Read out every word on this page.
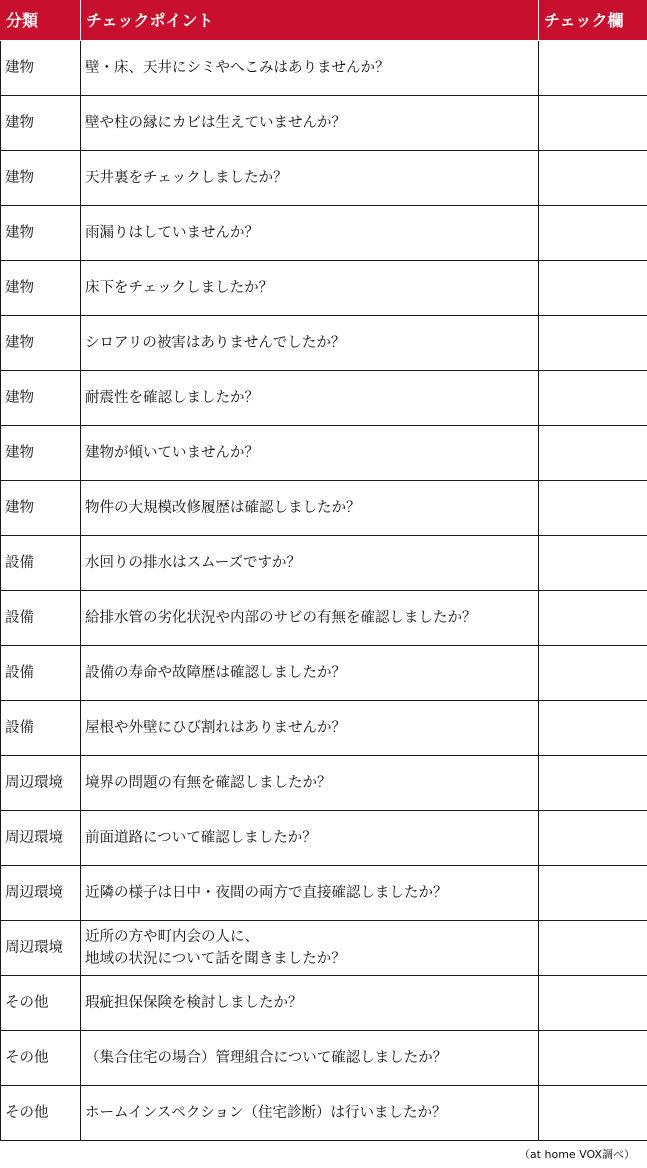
分類	チェックポイント	チェック欄
建物	壁・床、天井にシミやへこみはありませんか？	
建物	壁や柱の縁にカビは生えていませんか？	
建物	天井裏をチェックしましたか？	
建物	雨漏りはしていませんか？	
建物	床下をチェックしましたか？	
建物	シロアリの被害はありませんでしたか？	
建物	耐震性を確認しましたか？	
建物	建物が傾いていませんか？	
建物	物件の大規模改修履歴は確認しましたか？	
設備	水回りの排水はスムーズですか？	
設備	給排水管の劣化状況や内部のサビの有無を確認しましたか？	
設備	設備の寿命や故障歴は確認しましたか？	
設備	屋根や外壁にひび割れはありませんか？	
周辺環境	境界の問題の有無を確認しましたか？	
周辺環境	前面道路について確認しましたか？	
周辺環境	近隣の様子は日中・夜間の両方で直接確認しましたか？	
周辺環境	近所の方や町内会の人に、
地域の状況について話を聞きましたか？	
その他	瑕疵担保保険を検討しましたか？	
その他	（集合住宅の場合）管理組合について確認しましたか？	
その他	ホームインスペクション（住宅診断）は行いましたか？	
（at home VOX調べ）
